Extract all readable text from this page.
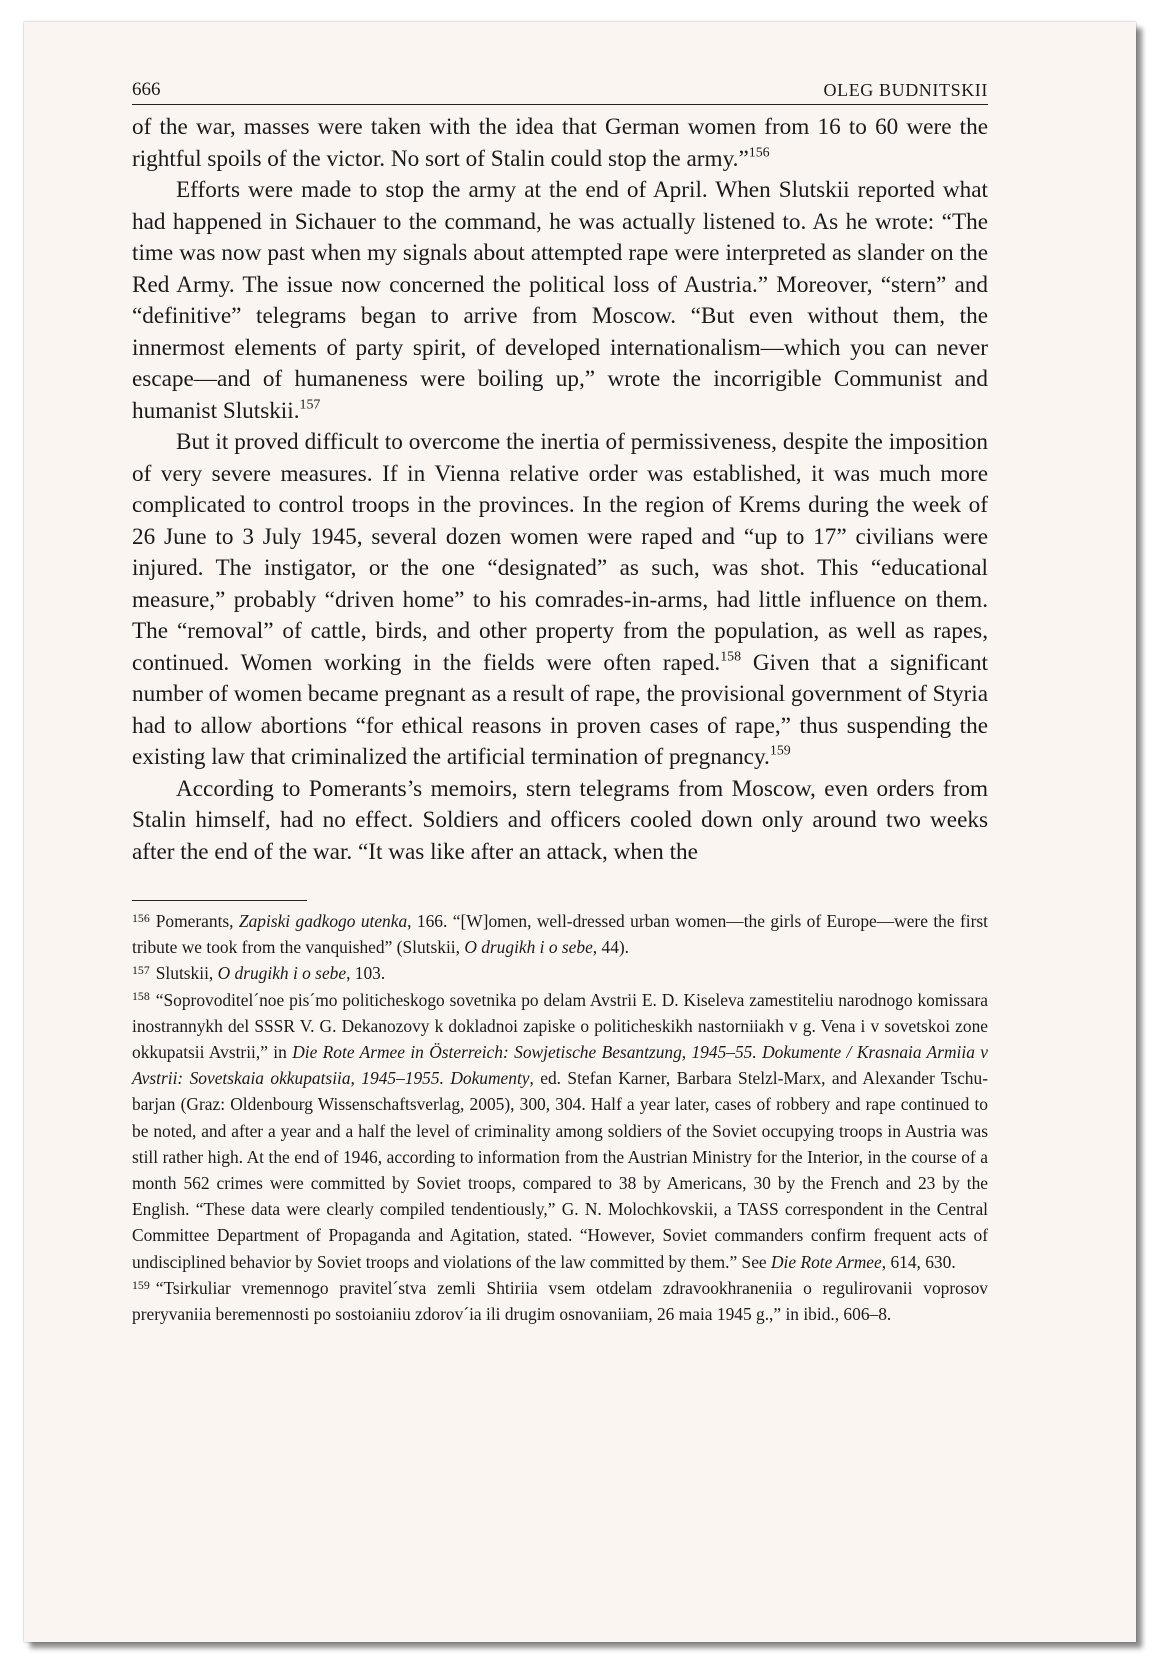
666	OLEG BUDNITSKII

of the war, masses were taken with the idea that German women from 16 to 60 were the rightful spoils of the victor. No sort of Stalin could stop the army.”$^{156}$

Efforts were made to stop the army at the end of April. When Slutskii reported what had happened in Sichauer to the command, he was actually listened to. As he wrote: “The time was now past when my signals about attempted rape were interpreted as slander on the Red Army. The issue now concerned the political loss of Austria.” Moreover, “stern” and “definitive” telegrams began to arrive from Moscow. “But even without them, the innermost elements of party spirit, of developed internationalism—which you can never escape—and of humaneness were boiling up,” wrote the incorrigible Communist and humanist Slutskii.$^{157}$

But it proved difficult to overcome the inertia of permissiveness, despite the imposition of very severe measures. If in Vienna relative order was established, it was much more complicated to control troops in the provinces. In the region of Krems during the week of 26 June to 3 July 1945, several dozen women were raped and “up to 17” civilians were injured. The instigator, or the one “designated” as such, was shot. This “educational measure,” probably “driven home” to his comrades-in-arms, had little influence on them. The “removal” of cattle, birds, and other property from the population, as well as rapes, continued. Women working in the fields were often raped.$^{158}$ Given that a significant number of women became pregnant as a result of rape, the provisional government of Styria had to allow abortions “for ethical reasons in proven cases of rape,” thus suspending the existing law that criminalized the artificial termination of pregnancy.$^{159}$

According to Pomerants’s memoirs, stern telegrams from Moscow, even orders from Stalin himself, had no effect. Soldiers and officers cooled down only around two weeks after the end of the war. “It was like after an attack, when the

$^{156}$ Pomerants, Zapiski gadkogo utenka, 166. “[W]omen, well-dressed urban women—the girls of Europe—were the first tribute we took from the vanquished” (Slutskii, O drugikh i o sebe, 44).

$^{157}$ Slutskii, O drugikh i o sebe, 103.

$^{158}$ “Soprovoditel´noe pis´mo politicheskogo sovetnika po delam Avstrii E. D. Kiseleva zamestiteliu narodnogo komissara inostrannykh del SSSR V. G. Dekanozovy k dokladnoi zapiske o politicheskikh nastorniiakh v g. Vena i v sovetskoi zone okkupatsii Avstrii,” in Die Rote Armee in Österreich: Sowjetische Besantzung, 1945–55. Dokumente / Krasnaia Armiia v Avstrii: Sovetskaia okkupatsiia, 1945–1955. Dokumenty, ed. Stefan Karner, Barbara Stelzl-Marx, and Alexander Tschubarjan (Graz: Oldenbourg Wissenschaftsverlag, 2005), 300, 304. Half a year later, cases of robbery and rape continued to be noted, and after a year and a half the level of criminality among soldiers of the Soviet occupying troops in Austria was still rather high. At the end of 1946, according to information from the Austrian Ministry for the Interior, in the course of a month 562 crimes were committed by Soviet troops, compared to 38 by Americans, 30 by the French and 23 by the English. “These data were clearly compiled tendentiously,” G. N. Molochkovskii, a TASS correspondent in the Central Committee Department of Propaganda and Agitation, stated. “However, Soviet commanders confirm frequent acts of undisciplined behavior by Soviet troops and violations of the law committed by them.” See Die Rote Armee, 614, 630.

$^{159}$ “Tsirkuliar vremennogo pravitel´stva zemli Shtiriia vsem otdelam zdravookhraneniia o regulirovanii voprosov preryvaniia beremennosti po sostoianiiu zdorov´ia ili drugim osnovaniiam, 26 maia 1945 g.,” in ibid., 606–8.
